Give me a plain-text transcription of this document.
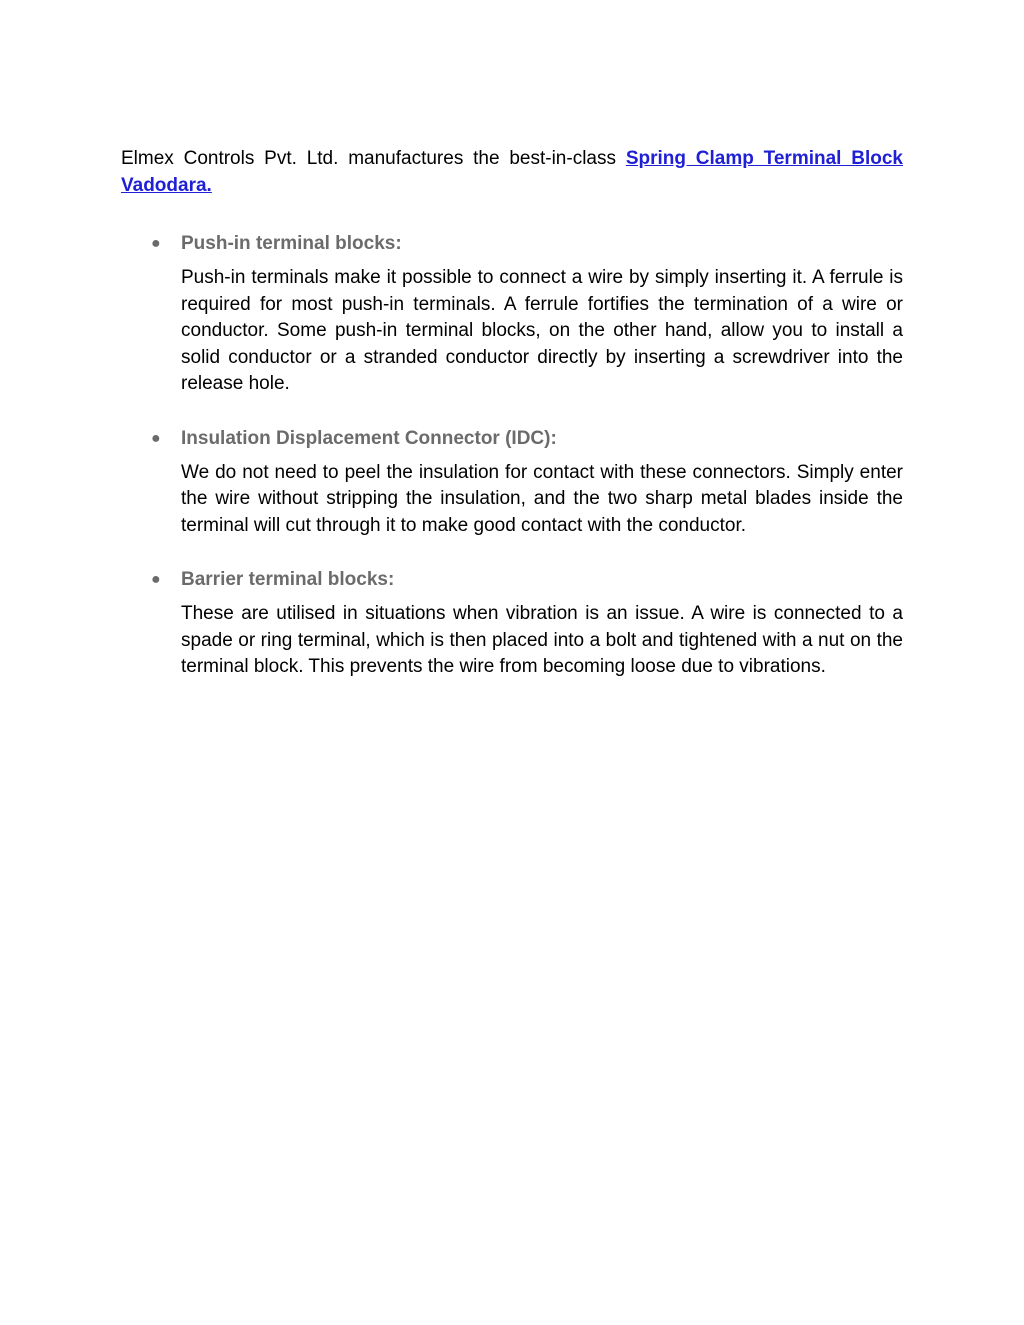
Elmex Controls Pvt. Ltd. manufactures the best-in-class Spring Clamp Terminal Block Vadodara.

● Push-in terminal blocks:

Push-in terminals make it possible to connect a wire by simply inserting it. A ferrule is required for most push-in terminals. A ferrule fortifies the termination of a wire or conductor. Some push-in terminal blocks, on the other hand, allow you to install a solid conductor or a stranded conductor directly by inserting a screwdriver into the release hole.

● Insulation Displacement Connector (IDC):

We do not need to peel the insulation for contact with these connectors. Simply enter the wire without stripping the insulation, and the two sharp metal blades inside the terminal will cut through it to make good contact with the conductor.

● Barrier terminal blocks:

These are utilised in situations when vibration is an issue. A wire is connected to a spade or ring terminal, which is then placed into a bolt and tightened with a nut on the terminal block. This prevents the wire from becoming loose due to vibrations.
